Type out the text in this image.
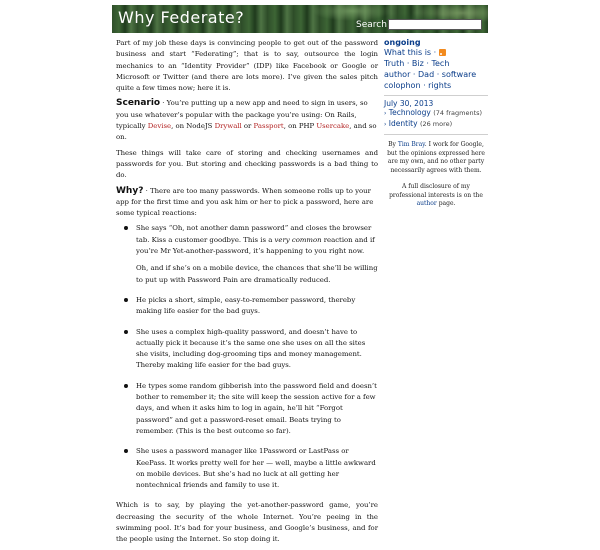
Why Federate?	Search

Part of my job these days is convincing people to get out of the password business and start “Federating”; that is to say, outsource the login mechanics to an “Identity Provider” (IDP) like Facebook or Google or Microsoft or Twitter (and there are lots more). I’ve given the sales pitch quite a few times now; here it is.

Scenario · You’re putting up a new app and need to sign in users, so you use whatever’s popular with the package you’re using: On Rails, typically Devise, on NodeJS Drywall or Passport, on PHP Usercake, and so on.

These things will take care of storing and checking usernames and passwords for you. But storing and checking passwords is a bad thing to do.

Why? · There are too many passwords. When someone rolls up to your app for the first time and you ask him or her to pick a password, here are some typical reactions:

She says “Oh, not another damn password” and closes the browser tab. Kiss a customer goodbye. This is a very common reaction and if you’re Mr Yet-another-password, it’s happening to you right now.

Oh, and if she’s on a mobile device, the chances that she’ll be willing to put up with Password Pain are dramatically reduced.

He picks a short, simple, easy-to-remember password, thereby making life easier for the bad guys.

She uses a complex high-quality password, and doesn’t have to actually pick it because it’s the same one she uses on all the sites she visits, including dog-grooming tips and money management. Thereby making life easier for the bad guys.

He types some random gibberish into the password field and doesn’t bother to remember it; the site will keep the session active for a few days, and when it asks him to log in again, he’ll hit “Forgot password” and get a password-reset email. Beats trying to remember. (This is the best outcome so far).

She uses a password manager like 1Password or LastPass or KeePass. It works pretty well for her — well, maybe a little awkward on mobile devices. But she’s had no luck at all getting her nontechnical friends and family to use it.

Which is to say, by playing the yet-another-password game, you’re decreasing the security of the whole Internet. You’re peeing in the swimming pool. It’s bad for your business, and Google’s business, and for the people using the Internet. So stop doing it.

ongoing
What this is ·
Truth · Biz · Tech
author · Dad · software
colophon · rights
July 30, 2013
› Technology (74 fragments)
› Identity (26 more)

By Tim Bray. I work for Google, but the opinions expressed here are my own, and no other party necessarily agrees with them.

A full disclosure of my professional interests is on the author page.
